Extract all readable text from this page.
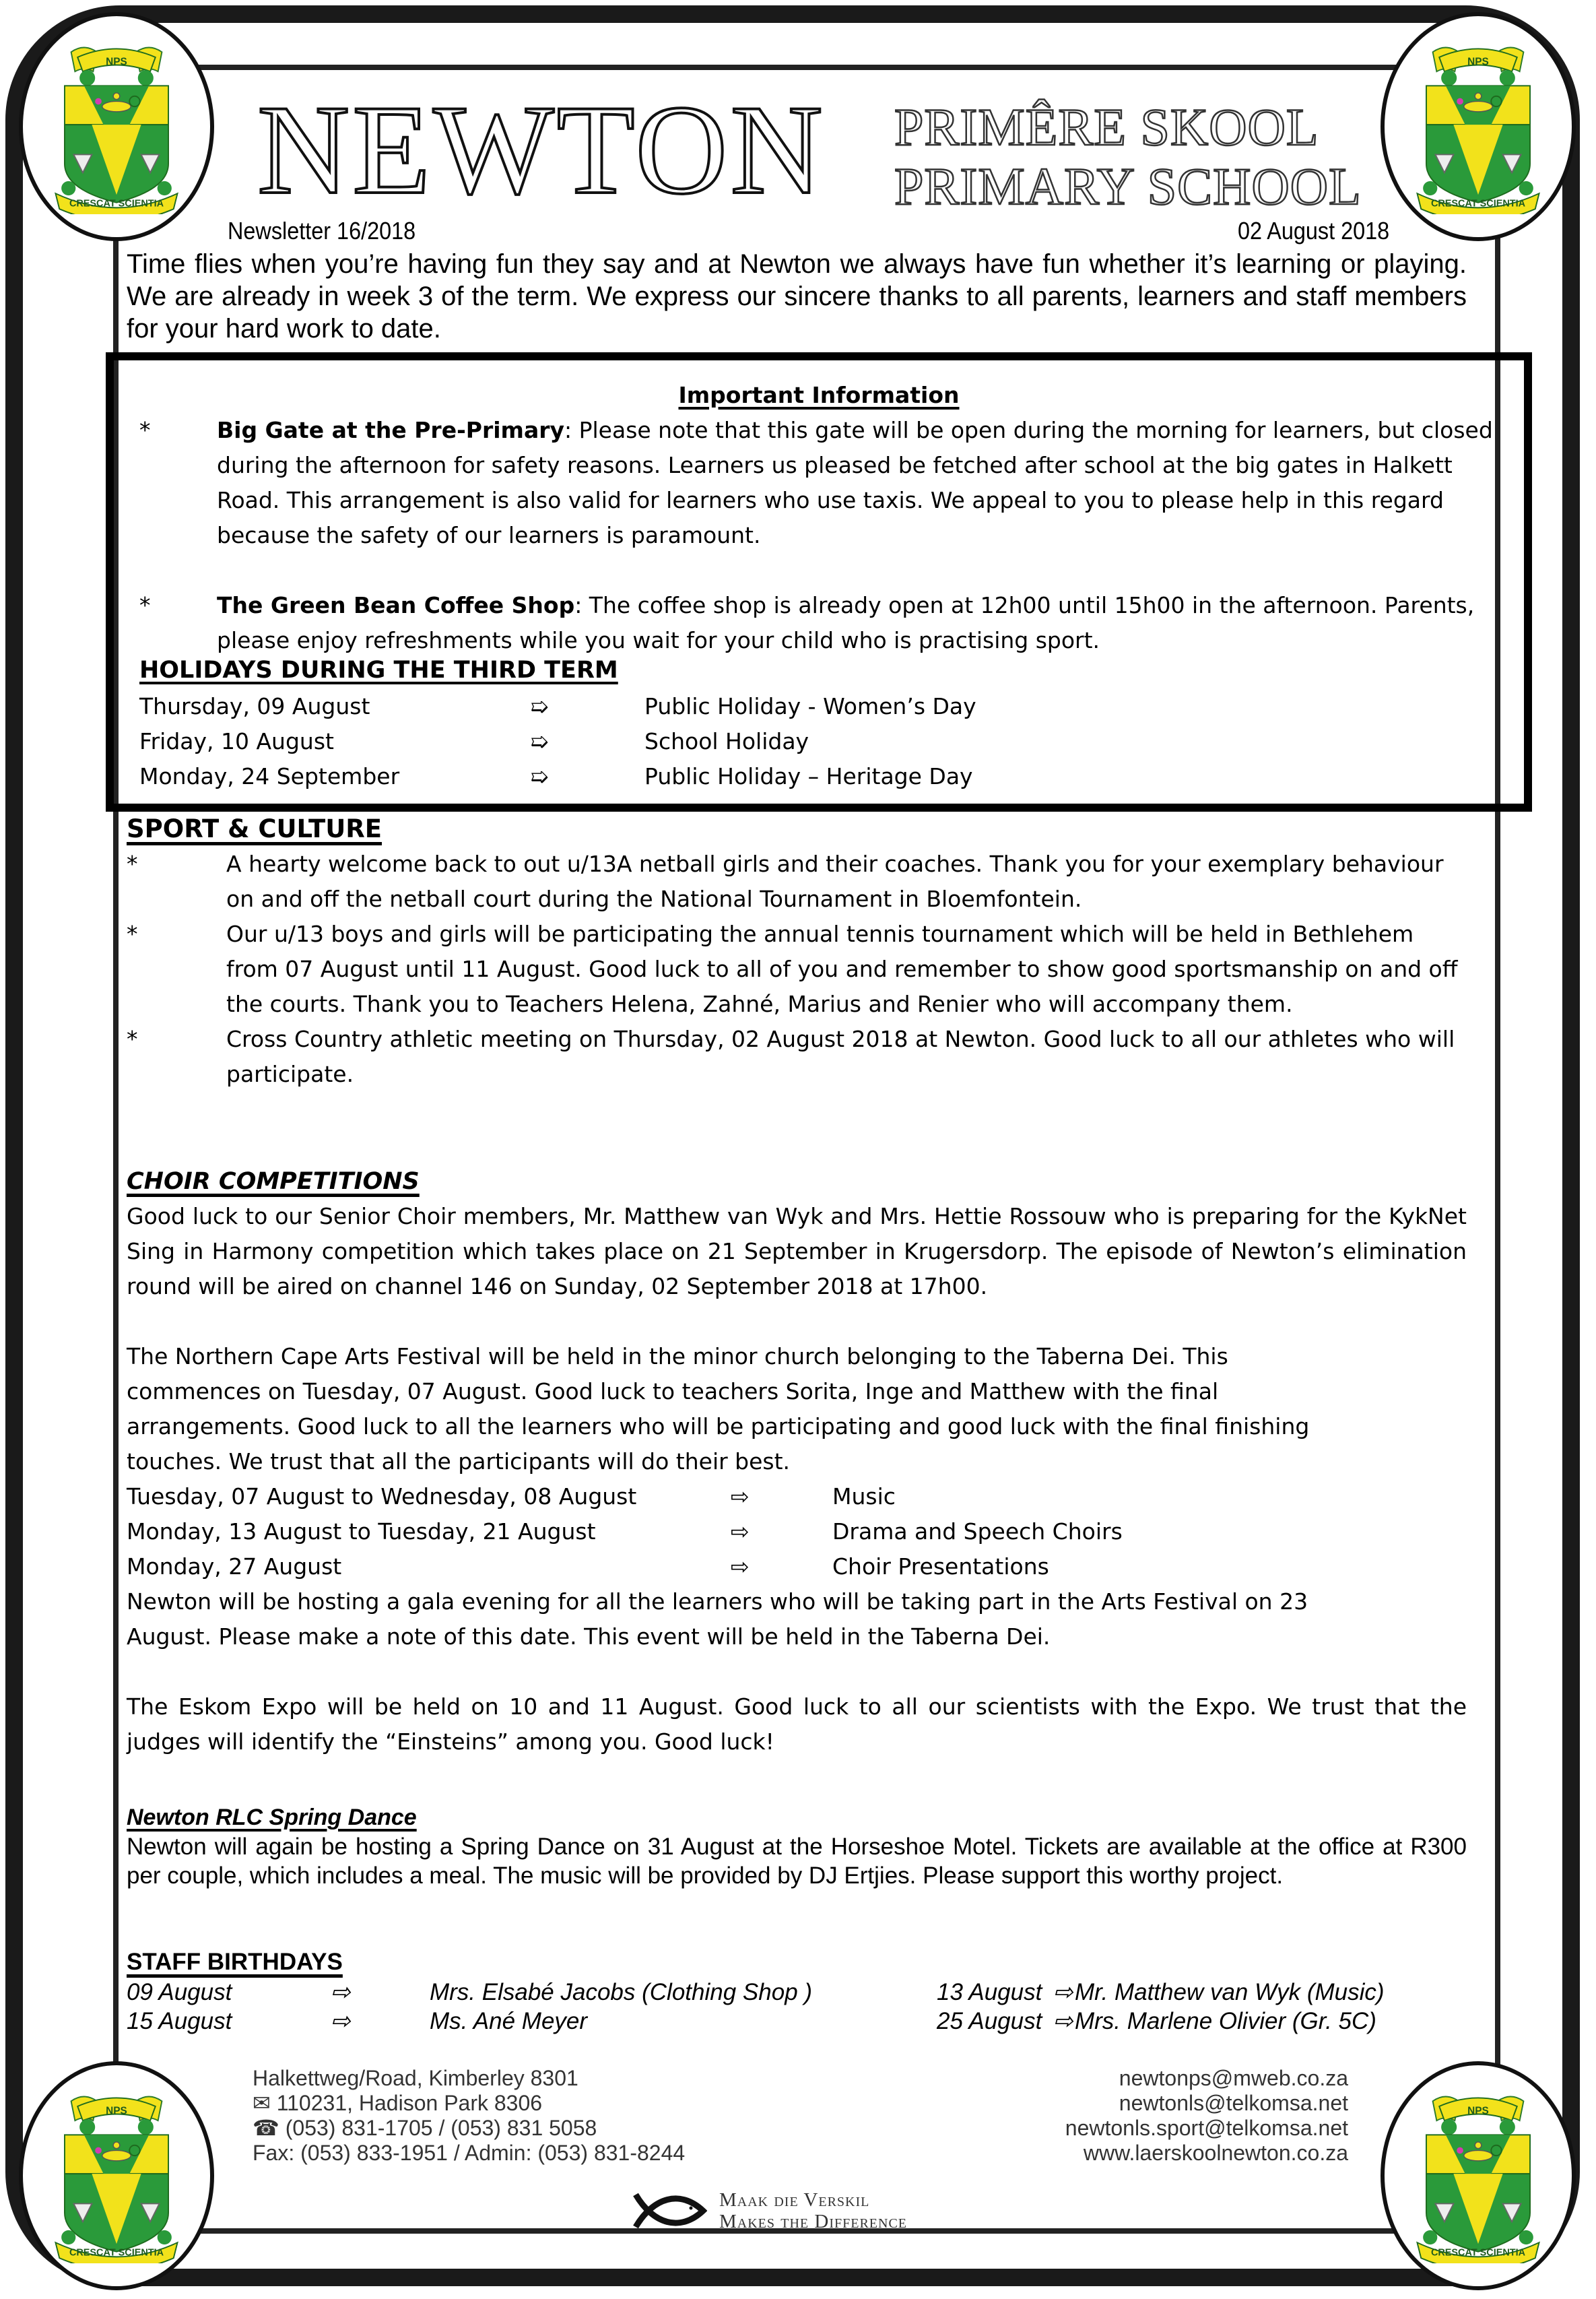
NPS
CRESCAT SCIENTIA
NPS
CRESCAT SCIENTIA
NPS
CRESCAT SCIENTIA
NPS
CRESCAT SCIENTIA
NEWTON PRIMÊRE SKOOL
PRIMARY SCHOOL
Newsletter 16/2018	02 August 2018
Time flies when you’re having fun they say and at Newton we always have fun whether it’s learning or playing. We are already in week 3 of the term. We express our sincere thanks to all parents, learners and staff members for your hard work to date.
Important Information
*	Big Gate at the Pre-Primary: Please note that this gate will be open during the morning for learners, but closed during the afternoon for safety reasons. Learners us pleased be fetched after school at the big gates in Halkett Road. This arrangement is also valid for learners who use taxis. We appeal to you to please help in this regard because the safety of our learners is paramount.
*	The Green Bean Coffee Shop: The coffee shop is already open at 12h00 until 15h00 in the afternoon. Parents, please enjoy refreshments while you wait for your child who is practising sport.
HOLIDAYS DURING THE THIRD TERM
Thursday, 09 August	➯	Public Holiday - Women’s Day
Friday, 10 August	➯	School Holiday
Monday, 24 September	➯	Public Holiday – Heritage Day
SPORT & CULTURE
*	A hearty welcome back to out u/13A netball girls and their coaches. Thank you for your exemplary behaviour on and off the netball court during the National Tournament in Bloemfontein.
*	Our u/13 boys and girls will be participating the annual tennis tournament which will be held in Bethlehem from 07 August until 11 August. Good luck to all of you and remember to show good sportsmanship on and off the courts. Thank you to Teachers Helena, Zahné, Marius and Renier who will accompany them.
*	Cross Country athletic meeting on Thursday, 02 August 2018 at Newton. Good luck to all our athletes who will participate.
CHOIR COMPETITIONS
Good luck to our Senior Choir members, Mr. Matthew van Wyk and Mrs. Hettie Rossouw who is preparing for the KykNet Sing in Harmony competition which takes place on 21 September in Krugersdorp. The episode of Newton’s elimination round will be aired on channel 146 on Sunday, 02 September 2018 at 17h00.
The Northern Cape Arts Festival will be held in the minor church belonging to the Taberna Dei. This commences on Tuesday, 07 August. Good luck to teachers Sorita, Inge and Matthew with the final arrangements. Good luck to all the learners who will be participating and good luck with the final finishing touches. We trust that all the participants will do their best.
Tuesday, 07 August to Wednesday, 08 August	⇨	Music
Monday, 13 August to Tuesday, 21 August	⇨	Drama and Speech Choirs
Monday, 27 August	⇨	Choir Presentations
Newton will be hosting a gala evening for all the learners who will be taking part in the Arts Festival on 23 August. Please make a note of this date. This event will be held in the Taberna Dei.
The Eskom Expo will be held on 10 and 11 August. Good luck to all our scientists with the Expo. We trust that the judges will identify the “Einsteins” among you. Good luck!
Newton RLC Spring Dance
Newton will again be hosting a Spring Dance on 31 August at the Horseshoe Motel. Tickets are available at the office at R300 per couple, which includes a meal. The music will be provided by DJ Ertjies. Please support this worthy project.
STAFF BIRTHDAYS
09 August	⇨	Mrs. Elsabé Jacobs (Clothing Shop )	13 August ⇨ Mr. Matthew van Wyk (Music)
15 August	⇨	Ms. Ané Meyer	25 August ⇨ Mrs. Marlene Olivier (Gr. 5C)
Halkettweg/Road, Kimberley 8301
✉ 110231, Hadison Park 8306
☎ (053) 831-1705 / (053) 831 5058
Fax: (053) 833-1951 / Admin: (053) 831-8244
newtonps@mweb.co.za
newtonls@telkomsa.net
newtonls.sport@telkomsa.net
www.laerskoolnewton.co.za
Maak die Verskil
Makes the Difference
